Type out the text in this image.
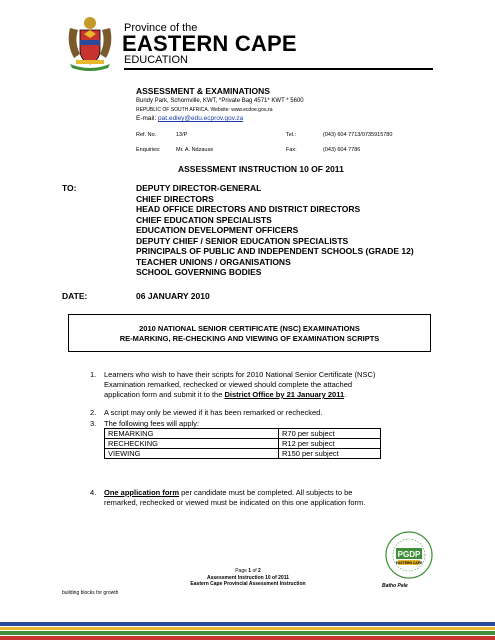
Province of the
EASTERN CAPE
EDUCATION
ASSESSMENT & EXAMINATIONS
Bundy Park, Schornville, KWT, *Private Bag 4571* KWT * 5600
REPUBLIC OF SOUTH AFRICA. Website: www.ecdoe.gov.za
E-mail: pat.edley@edu.ecprov.gov.za
Ref. No.	13/P	Tel.:	(043) 604 7713/0735915780
Enquiries:	Mr. A. Ndzause	Fax:	(043) 604 7786
ASSESSMENT INSTRUCTION 10 OF 2011
TO:	DEPUTY DIRECTOR-GENERAL
CHIEF DIRECTORS
HEAD OFFICE DIRECTORS AND DISTRICT DIRECTORS
CHIEF EDUCATION SPECIALISTS
EDUCATION DEVELOPMENT OFFICERS
DEPUTY CHIEF / SENIOR EDUCATION SPECIALISTS
PRINCIPALS OF PUBLIC AND INDEPENDENT SCHOOLS (GRADE 12)
TEACHER UNIONS / ORGANISATIONS
SCHOOL GOVERNING BODIES
DATE:	06 JANUARY 2010
2010 NATIONAL SENIOR CERTIFICATE (NSC) EXAMINATIONS
RE-MARKING, RE-CHECKING AND VIEWING OF EXAMINATION SCRIPTS
1. Learners who wish to have their scripts for 2010 National Senior Certificate (NSC)
Examination remarked, rechecked or viewed should complete the attached
application form and submit it to the District Office by 21 January 2011.
2. A script may only be viewed if it has been remarked or rechecked.
3. The following fees will apply:
REMARKING	R70 per subject
RECHECKING	R12 per subject
VIEWING	R150 per subject
4. One application form per candidate must be completed. All subjects to be
remarked, rechecked or viewed must be indicated on this one application form.
PGDP
EASTERN CAPE
Batho Pele
Page 1 of 2
Assessment Instruction 10 of 2011
Eastern Cape Provincial Assessment Instruction
building blocks for growth
